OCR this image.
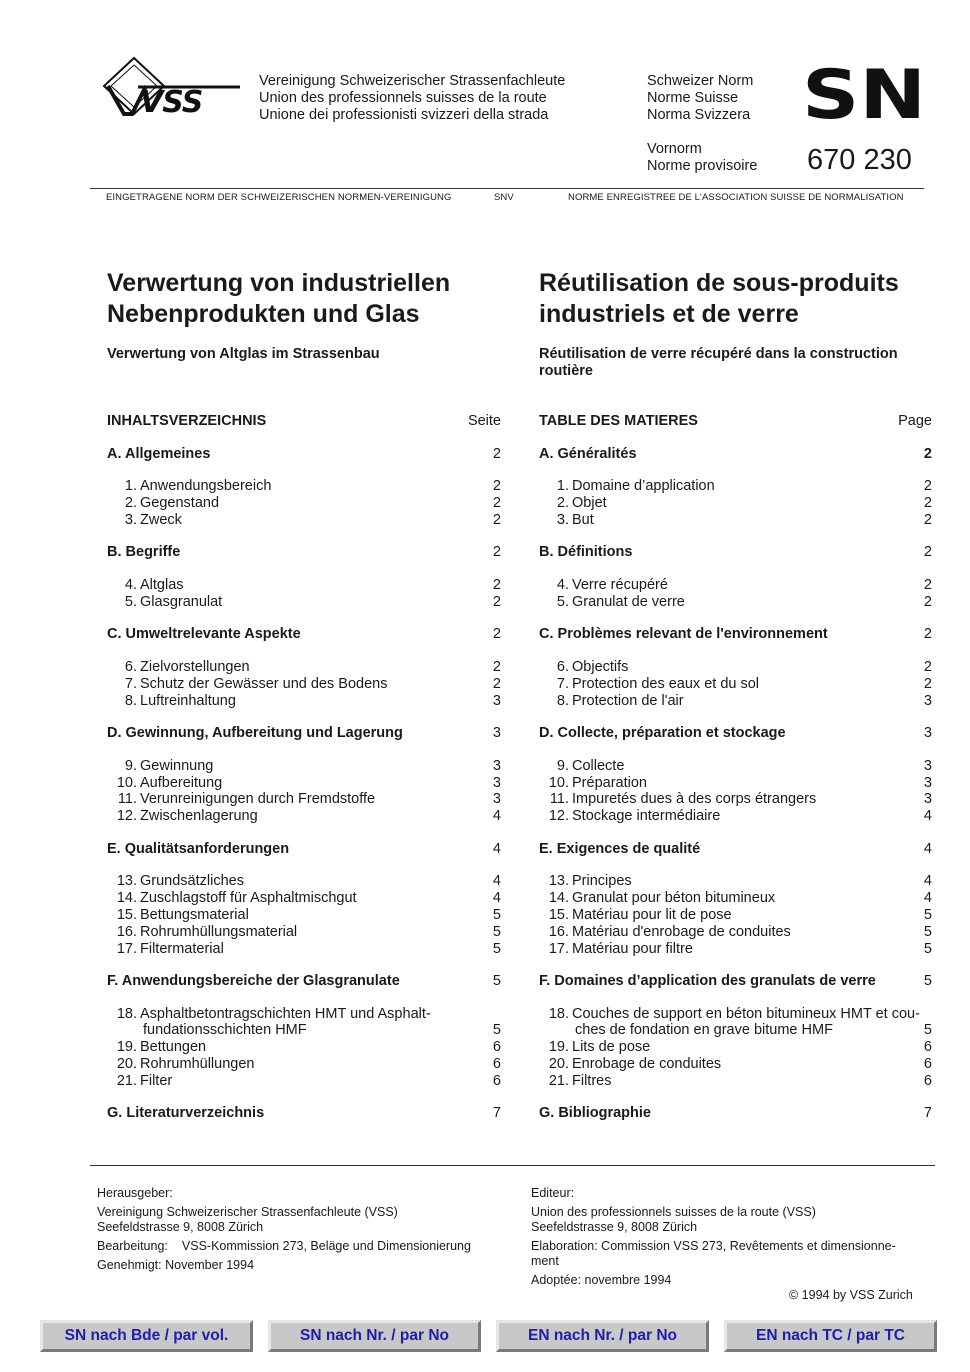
VSS
Vereinigung Schweizerischer Strassenfachleute
Union des professionnels suisses de la route
Unione dei professionisti svizzeri della strada
Schweizer Norm
Norme Suisse
Norma Svizzera
Vornorm
Norme provisoire
SN
670 230
EINGETRAGENE NORM DER SCHWEIZERISCHEN NORMEN-VEREINIGUNG	SNV	NORME ENREGISTREE DE L'ASSOCIATION SUISSE DE NORMALISATION
Verwertung von industriellen Nebenprodukten und Glas
Réutilisation de sous-produits industriels et de verre
Verwertung von Altglas im Strassenbau	Réutilisation de verre récupéré dans la construction routière
INHALTSVERZEICHNIS	Seite
A. Allgemeines	2
1. Anwendungsbereich	2
2. Gegenstand	2
3. Zweck	2
B. Begriffe	2
4. Altglas	2
5. Glasgranulat	2
C. Umweltrelevante Aspekte	2
6. Zielvorstellungen	2
7. Schutz der Gewässer und des Bodens	2
8. Luftreinhaltung	3
D. Gewinnung, Aufbereitung und Lagerung	3
9. Gewinnung	3
10. Aufbereitung	3
11. Verunreinigungen durch Fremdstoffe	3
12. Zwischenlagerung	4
E. Qualitätsanforderungen	4
13. Grundsätzliches	4
14. Zuschlagstoff für Asphaltmischgut	4
15. Bettungsmaterial	5
16. Rohrumhüllungsmaterial	5
17. Filtermaterial	5
F. Anwendungsbereiche der Glasgranulate	5
18. Asphaltbetontragschichten HMT und Asphalt-
fundationsschichten HMF	5
19. Bettungen	6
20. Rohrumhüllungen	6
21. Filter	6
G. Literaturverzeichnis	7
TABLE DES MATIERES	Page
A. Généralités	2
1. Domaine d’application	2
2. Objet	2
3. But	2
B. Définitions	2
4. Verre récupéré	2
5. Granulat de verre	2
C. Problèmes relevant de l'environnement	2
6. Objectifs	2
7. Protection des eaux et du sol	2
8. Protection de l'air	3
D. Collecte, préparation et stockage	3
9. Collecte	3
10. Préparation	3
11. Impuretés dues à des corps étrangers	3
12. Stockage intermédiaire	4
E. Exigences de qualité	4
13. Principes	4
14. Granulat pour béton bitumineux	4
15. Matériau pour lit de pose	5
16. Matériau d'enrobage de conduites	5
17. Matériau pour filtre	5
F. Domaines d’application des granulats de verre	5
18. Couches de support en béton bitumineux HMT et cou-
ches de fondation en grave bitume HMF	5
19. Lits de pose	6
20. Enrobage de conduites	6
21. Filtres	6
G. Bibliographie	7
Herausgeber:
Vereinigung Schweizerischer Strassenfachleute (VSS)
Seefeldstrasse 9, 8008 Zürich
Bearbeitung: VSS-Kommission 273, Beläge und Dimensionierung
Genehmigt: November 1994
Editeur:
Union des professionnels suisses de la route (VSS)
Seefeldstrasse 9, 8008 Zürich
Elaboration: Commission VSS 273, Revêtements et dimensionne-
ment
Adoptée: novembre 1994
© 1994 by VSS Zurich
SN nach Bde / par vol.	SN nach Nr. / par No	EN nach Nr. / par No	EN nach TC / par TC
